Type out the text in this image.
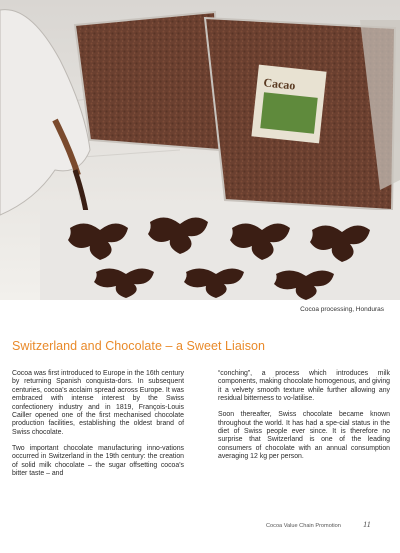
Cacao
Cocoa processing, Honduras
Switzerland and Chocolate – a Sweet Liaison

Cocoa was first introduced to Europe in the 16th century by returning Spanish conquista-dors. In subsequent centuries, cocoa's acclaim spread across Europe. It was embraced with intense interest by the Swiss confectionery industry and in 1819, François-Louis Cailler opened one of the first mechanised chocolate production facilities, establishing the oldest brand of Swiss chocolate.

Two important chocolate manufacturing inno-vations occurred in Switzerland in the 19th century: the creation of solid milk chocolate – the sugar offsetting cocoa's bitter taste – and

“conching”, a process which introduces milk components, making chocolate homogenous, and giving it a velvety smooth texture while further allowing any residual bitterness to vo-latilise.

Soon thereafter, Swiss chocolate became known throughout the world. It has had a spe-cial status in the diet of Swiss people ever since. It is therefore no surprise that Switzerland is one of the leading consumers of chocolate with an annual consumption averaging 12 kg per person.

Cocoa Value Chain Promotion	11
